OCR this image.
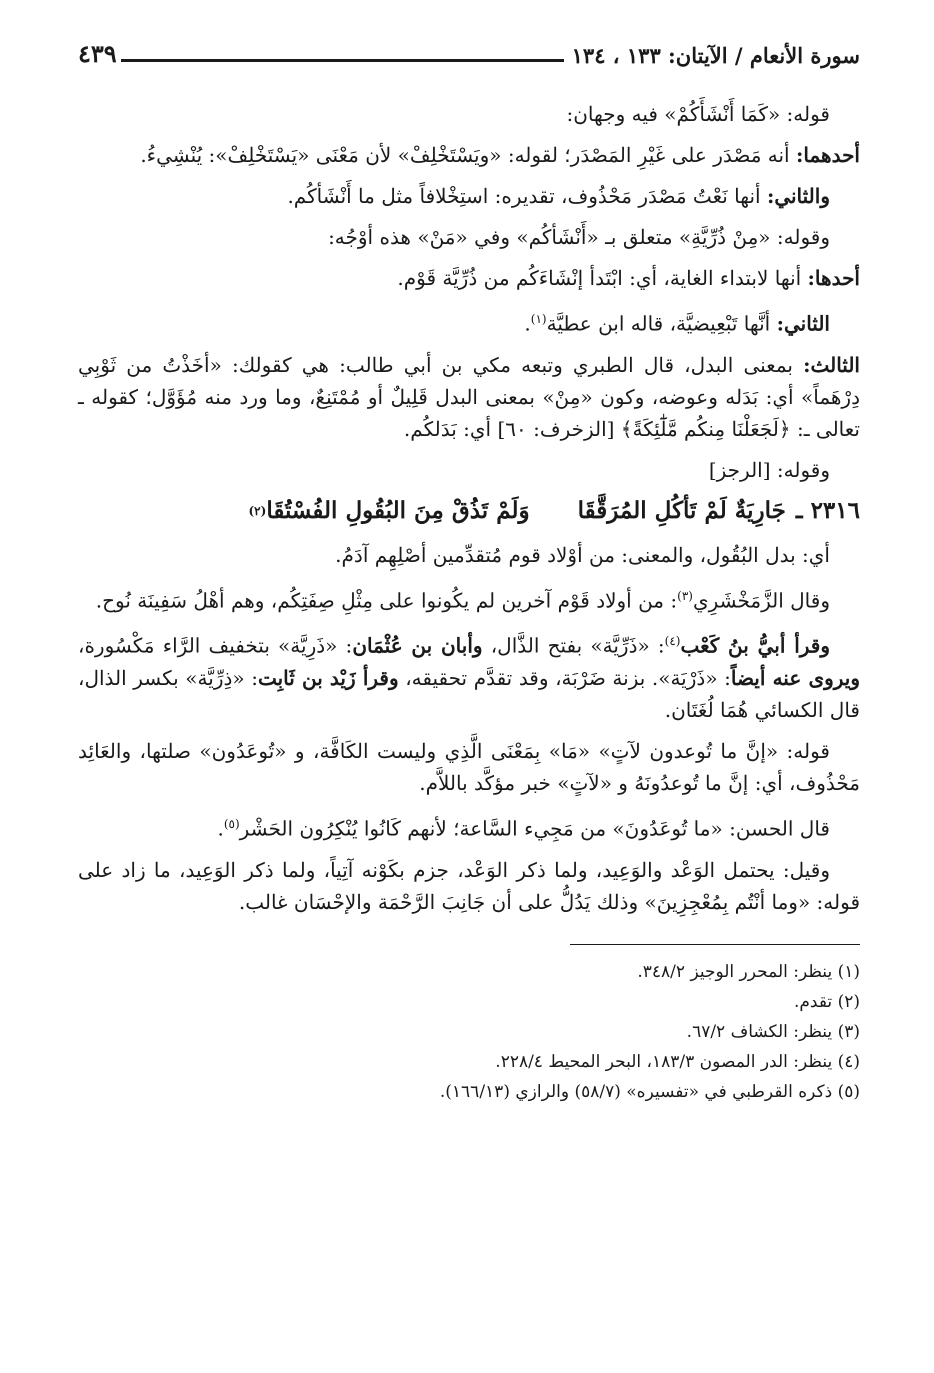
سورة الأنعام / الآيتان: ١٣٣ ، ١٣٤
٤٣٩

قوله: «كَمَا أَنْشَأَكُمْ» فيه وجهان:

أحدهما: أنه مَصْدَر على غَيْرِ المَصْدَر؛ لقوله: «ويَسْتَخْلِفْ» لأن مَعْنَى «يَسْتَخْلِفْ»: يُنْشِيءُ.

والثاني: أنها نَعْتُ مَصْدَر مَحْذُوف، تقديره: استِخْلافاً مثل ما أَنْشَأكُم.

وقوله: «مِنْ ذُرِّيَّةِ» متعلق بـ «أَنْشَأكُم» وفي «مَنْ» هذه أوْجُه:

أحدها: أنها لابتداء الغاية، أي: ابْتَدأ إنْشَاءَكُم من ذُرِّيَّة قَوْم.

الثاني: أنَّها تَبْعِيضيَّة، قاله ابن عطيَّة$^{(١)}$.

الثالث: بمعنى البدل، قال الطبري وتبعه مكي بن أبي طالب: هي كقولك: «أخَذْتُ من ثَوْبِي دِرْهَماً» أي: بَدَله وعوضه، وكون «مِنْ» بمعنى البدل قَلِيلٌ أو مُمْتَنِعٌ، وما ورد منه مُؤَوَّل؛ كقوله ـ تعالى ـ: ﴿لَجَعَلْنَا مِنكُم مَّلَٰٓئِكَةً﴾ [الزخرف: ٦٠] أي: بَدَلكُم.

وقوله: [الرجز]

٢٣١٦ ـ
جَارِيَةٌ لَمْ تَأكُلِ المُرَقَّقَا
وَلَمْ تَذُقْ مِنَ البُقُولِ الفُسْتُقَا
(٢)

أي: بدل البُقُول، والمعنى: من أوْلاد قوم مُتقدِّمين أصْلِهِم آدَمُ.

وقال الزَّمَخْشَرِي$^{(٣)}$: من أولاد قَوْم آخرين لم يكُونوا على مِثْلِ صِفَتِكُم، وهم أهْلُ سَفِينَة نُوح.

وقرأ أبيُّ بنُ كَعْب$^{(٤)}$: «ذَرِّيَّة» بفتح الذَّال، وأبان بن عُثْمَان: «ذَرِيَّة» بتخفيف الرَّاء مَكْسُورة، ويروى عنه أيضاً: «ذَرْيَة». بزنة ضَرْبَة، وقد تقدَّم تحقيقه، وقرأ زَيْد بن ثَابِت: «ذِرِّيَّة» بكسر الذال، قال الكسائي هُمَا لُغَتَان.

قوله: «إنَّ ما تُوعدون لآتٍ» «مَا» بِمَعْنَى الَّذِي وليست الكَافَّة، و «تُوعَدُون» صلتها، والعَائِد مَحْذُوف، أي: إنَّ ما تُوعدُونَهُ و «لآتٍ» خبر مؤكَّد باللاَّم.

قال الحسن: «ما تُوعَدُونَ» من مَجِيء السَّاعة؛ لأنهم كَانُوا يُنْكِرُون الحَشْر$^{(٥)}$.

وقيل: يحتمل الوَعْد والوَعِيد، ولما ذكر الوَعْد، جزم بكَوْنه آتِياً، ولما ذكر الوَعِيد، ما زاد على قوله: «وما أنْتُم بِمُعْجِزِينَ» وذلك يَدُلُّ على أن جَانِبَ الرَّحْمَة والإحْسَان غالب.

(١) ينظر: المحرر الوجيز ٣٤٨/٢.
(٢) تقدم.
(٣) ينظر: الكشاف ٦٧/٢.
(٤) ينظر: الدر المصون ١٨٣/٣، البحر المحيط ٢٢٨/٤.
(٥) ذكره القرطبي في «تفسيره» (٥٨/٧) والرازي (١٦٦/١٣).
